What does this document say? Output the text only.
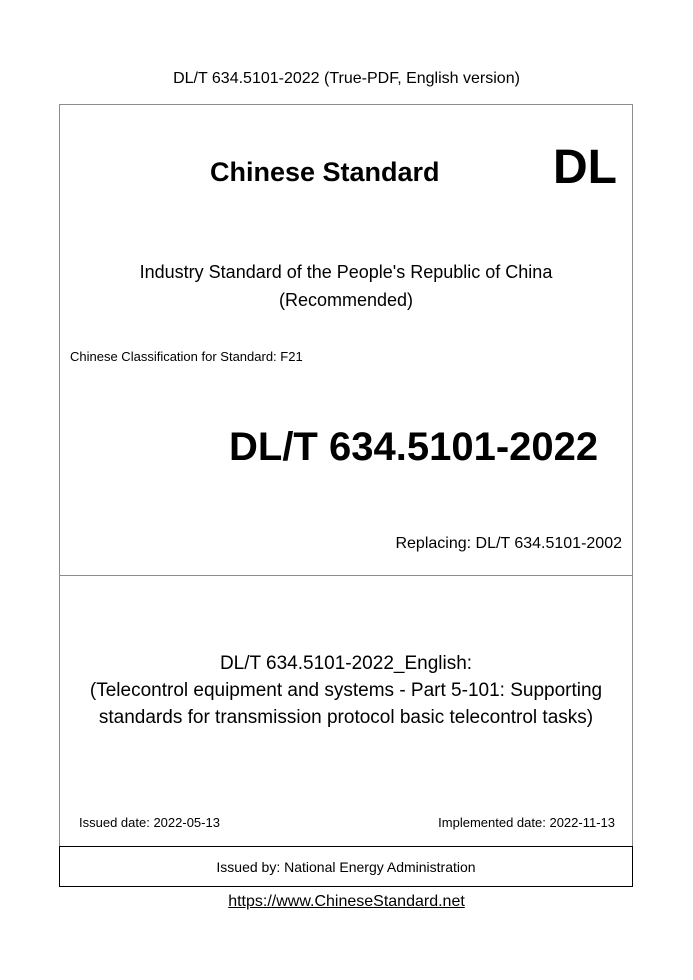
DL/T 634.5101-2022 (True-PDF, English version)
Chinese Standard DL
Industry Standard of the People's Republic of China
(Recommended)
Chinese Classification for Standard: F21
DL/T 634.5101-2022
Replacing: DL/T 634.5101-2002
DL/T 634.5101-2022_English:
(Telecontrol equipment and systems - Part 5-101: Supporting
standards for transmission protocol basic telecontrol tasks)
Issued date: 2022-05-13	Implemented date: 2022-11-13
Issued by: National Energy Administration
https://www.ChineseStandard.net
